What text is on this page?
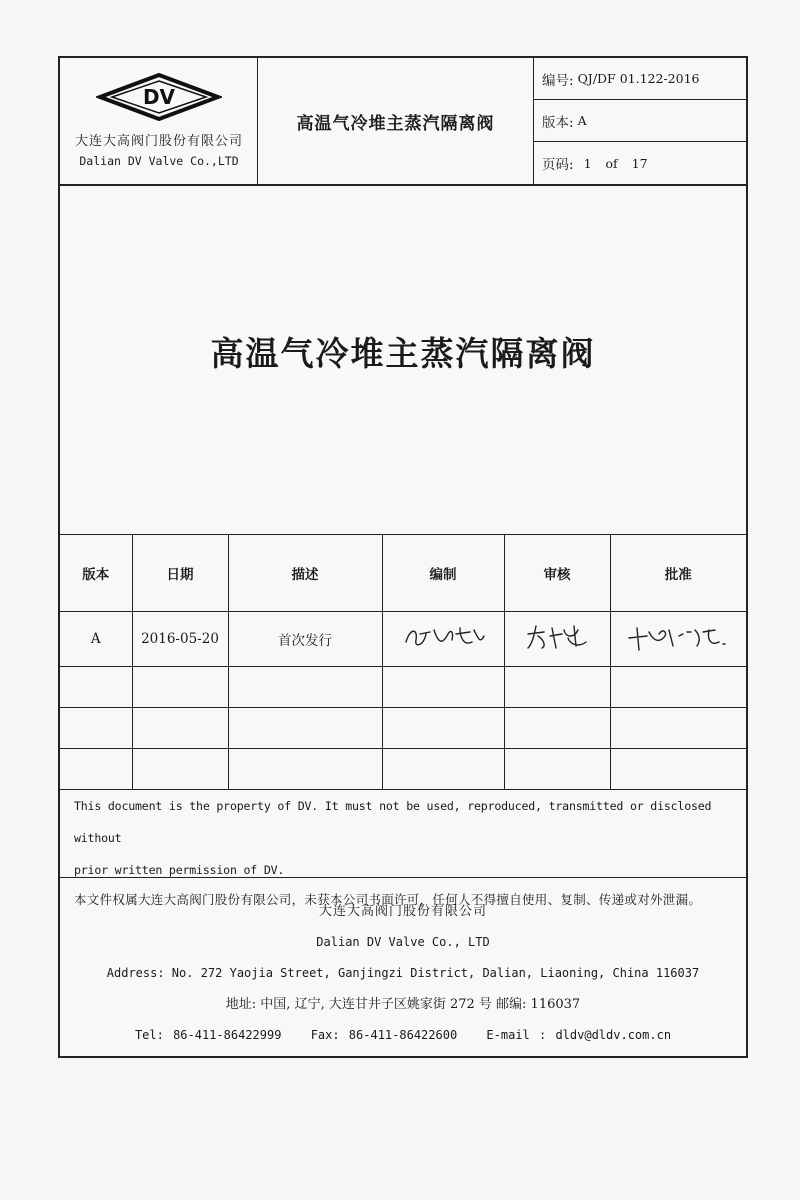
DV
大连大高阀门股份有限公司
Dalian DV Valve Co.,LTD
高温气冷堆主蒸汽隔离阀
编号: QJ/DF 01.122-2016
版本: A
页码: 1 of 17
高温气冷堆主蒸汽隔离阀
版本	日期	描述	编制	审核	批准
A	2016-05-20	首次发行			

This document is the property of DV. It must not be used, reproduced, transmitted or disclosed without
prior written permission of DV.
本文件权属大连大高阀门股份有限公司，未获本公司书面许可，任何人不得擅自使用、复制、传递或对外泄漏。
大连大高阀门股份有限公司
Dalian DV Valve Co., LTD
Address: No. 272 Yaojia Street, Ganjingzi District, Dalian, Liaoning, China 116037
地址: 中国, 辽宁, 大连甘井子区姚家街 272 号 邮编: 116037
Tel: 86-411-86422999 Fax: 86-411-86422600 E-mail : dldv@dldv.com.cn
